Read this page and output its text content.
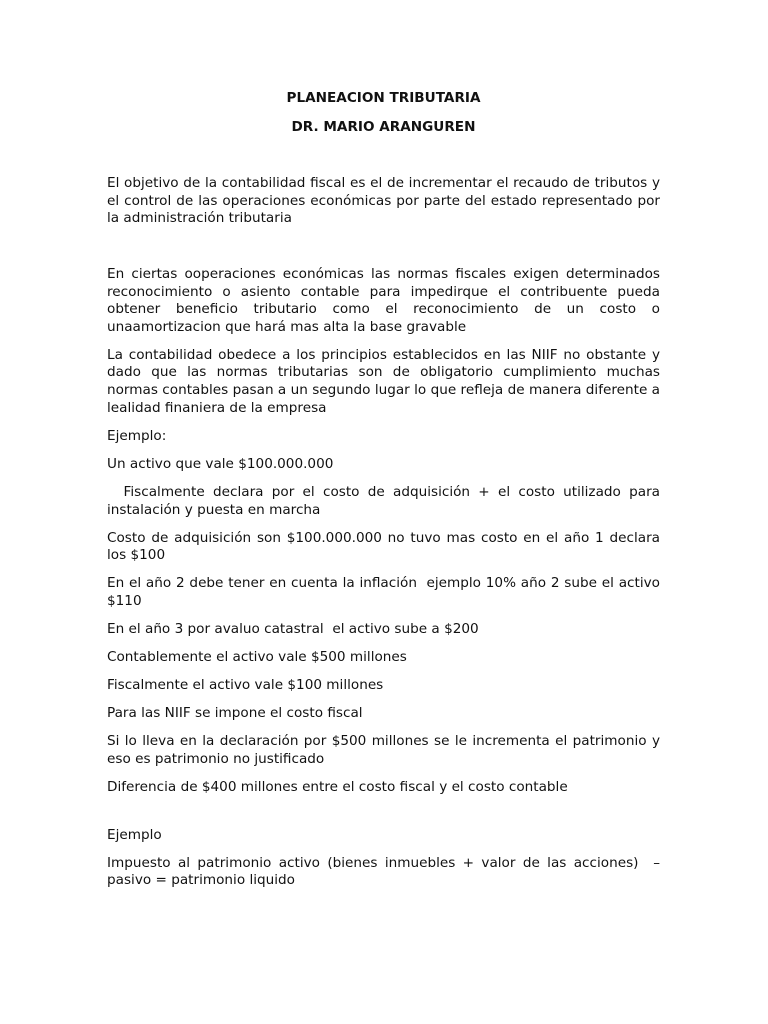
PLANEACION TRIBUTARIA

DR. MARIO ARANGUREN

El objetivo de la contabilidad fiscal es el de incrementar el recaudo de tributos y el control de las operaciones económicas por parte del estado representado por la administración tributaria

En ciertas ooperaciones económicas las normas fiscales exigen determinados reconocimiento o asiento contable para impedirque el contribuente pueda obtener beneficio tributario como el reconocimiento de un costo o unaamortizacion que hará mas alta la base gravable

La contabilidad obedece a los principios establecidos en las NIIF no obstante y dado que las normas tributarias son de obligatorio cumplimiento muchas normas contables pasan a un segundo lugar lo que refleja de manera diferente a lealidad finaniera de la empresa

Ejemplo:

Un activo que vale $100.000.000

Fiscalmente declara por el costo de adquisición + el costo utilizado para instalación y puesta en marcha

Costo de adquisición son $100.000.000 no tuvo mas costo en el año 1 declara los $100

En el año 2 debe tener en cuenta la inflación  ejemplo 10% año 2 sube el activo $110

En el año 3 por avaluo catastral  el activo sube a $200

Contablemente el activo vale $500 millones

Fiscalmente el activo vale $100 millones

Para las NIIF se impone el costo fiscal

Si lo lleva en la declaración por $500 millones se le incrementa el patrimonio y eso es patrimonio no justificado

Diferencia de $400 millones entre el costo fiscal y el costo contable

Ejemplo

Impuesto al patrimonio activo (bienes inmuebles + valor de las acciones)  – pasivo = patrimonio liquido
